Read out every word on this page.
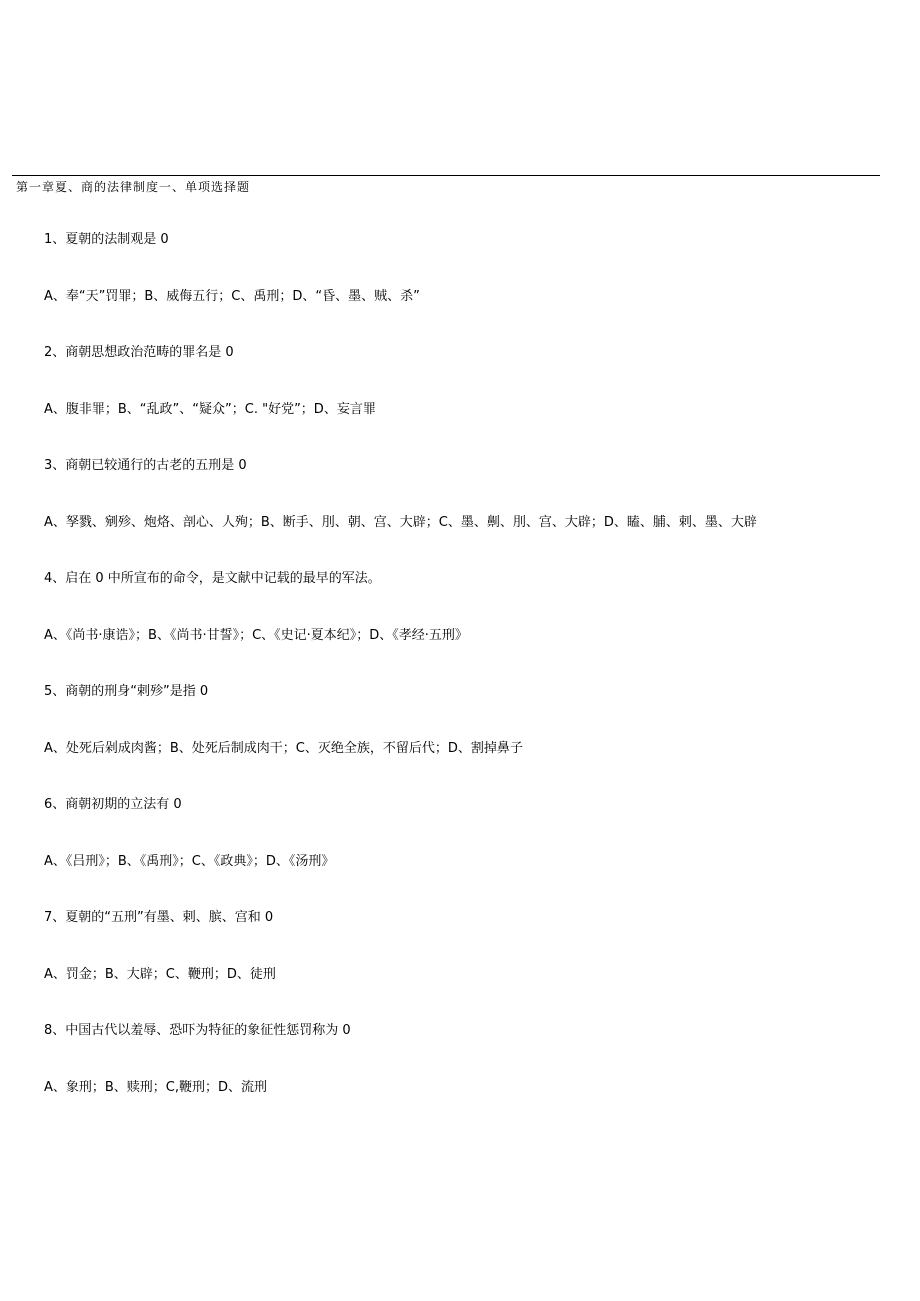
第一章夏、商的法律制度一、单项选择题
1、夏朝的法制观是 0
A、奉“天”罚罪；B、威侮五行；C、禹刑；D、“昏、墨、贼、杀”
2、商朝思想政治范畴的罪名是 0
A、腹非罪；B、“乱政”、“疑众”；C. "好党”；D、妄言罪
3、商朝已较通行的古老的五刑是 0
A、孥戮、剜殄、炮烙、剖心、人殉；B、断手、刖、朝、宫、大辟；C、墨、劓、刖、宫、大辟；D、瞌、脯、剌、墨、大辟
4、启在 0 中所宣布的命令，是文献中记载的最早的军法。
A、《尚书·康诰》；B、《尚书·甘誓》；C、《史记·夏本纪》；D、《孝经·五刑》
5、商朝的刑身“剌殄”是指 0
A、处死后剁成肉酱；B、处死后制成肉干；C、灭绝全族，不留后代；D、割掉鼻子
6、商朝初期的立法有 0
A、《吕刑》；B、《禹刑》；C、《政典》；D、《汤刑》
7、夏朝的“五刑”有墨、剌、膑、宫和 0
A、罚金；B、大辟；C、鞭刑；D、徒刑
8、中国古代以羞辱、恐吓为特征的象征性惩罚称为 0
A、象刑；B、赎刑；C,鞭刑；D、流刑
